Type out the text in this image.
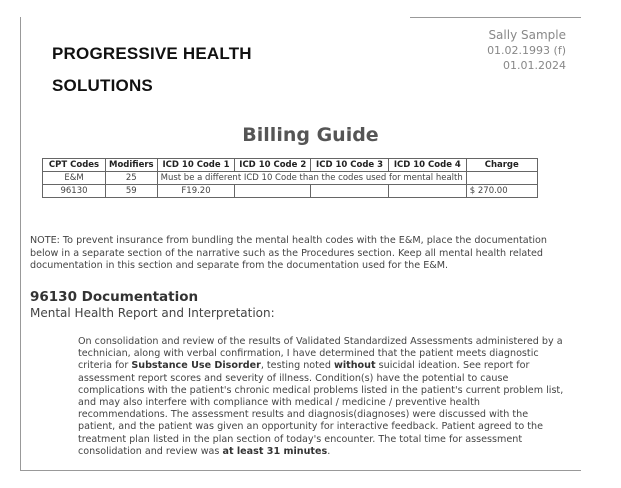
PROGRESSIVE HEALTH
SOLUTIONS
Sally Sample
01.02.1993 (f)
01.01.2024
Billing Guide
CPT Codes	Modifiers	ICD 10 Code 1	ICD 10 Code 2	ICD 10 Code 3	ICD 10 Code 4	Charge
E&M	25	Must be a different ICD 10 Code than the codes used for mental health				
96130	59	F19.20				$ 270.00
NOTE: To prevent insurance from bundling the mental health codes with the E&M, place the documentation below in a separate section of the narrative such as the Procedures section. Keep all mental health related documentation in this section and separate from the documentation used for the E&M.
96130 Documentation
Mental Health Report and Interpretation:
On consolidation and review of the results of Validated Standardized Assessments administered by a technician, along with verbal confirmation, I have determined that the patient meets diagnostic criteria for Substance Use Disorder, testing noted without suicidal ideation. See report for assessment report scores and severity of illness. Condition(s) have the potential to cause complications with the patient's chronic medical problems listed in the patient's current problem list, and may also interfere with compliance with medical / medicine / preventive health recommendations. The assessment results and diagnosis(diagnoses) were discussed with the patient, and the patient was given an opportunity for interactive feedback. Patient agreed to the treatment plan listed in the plan section of today's encounter. The total time for assessment consolidation and review was at least 31 minutes.
